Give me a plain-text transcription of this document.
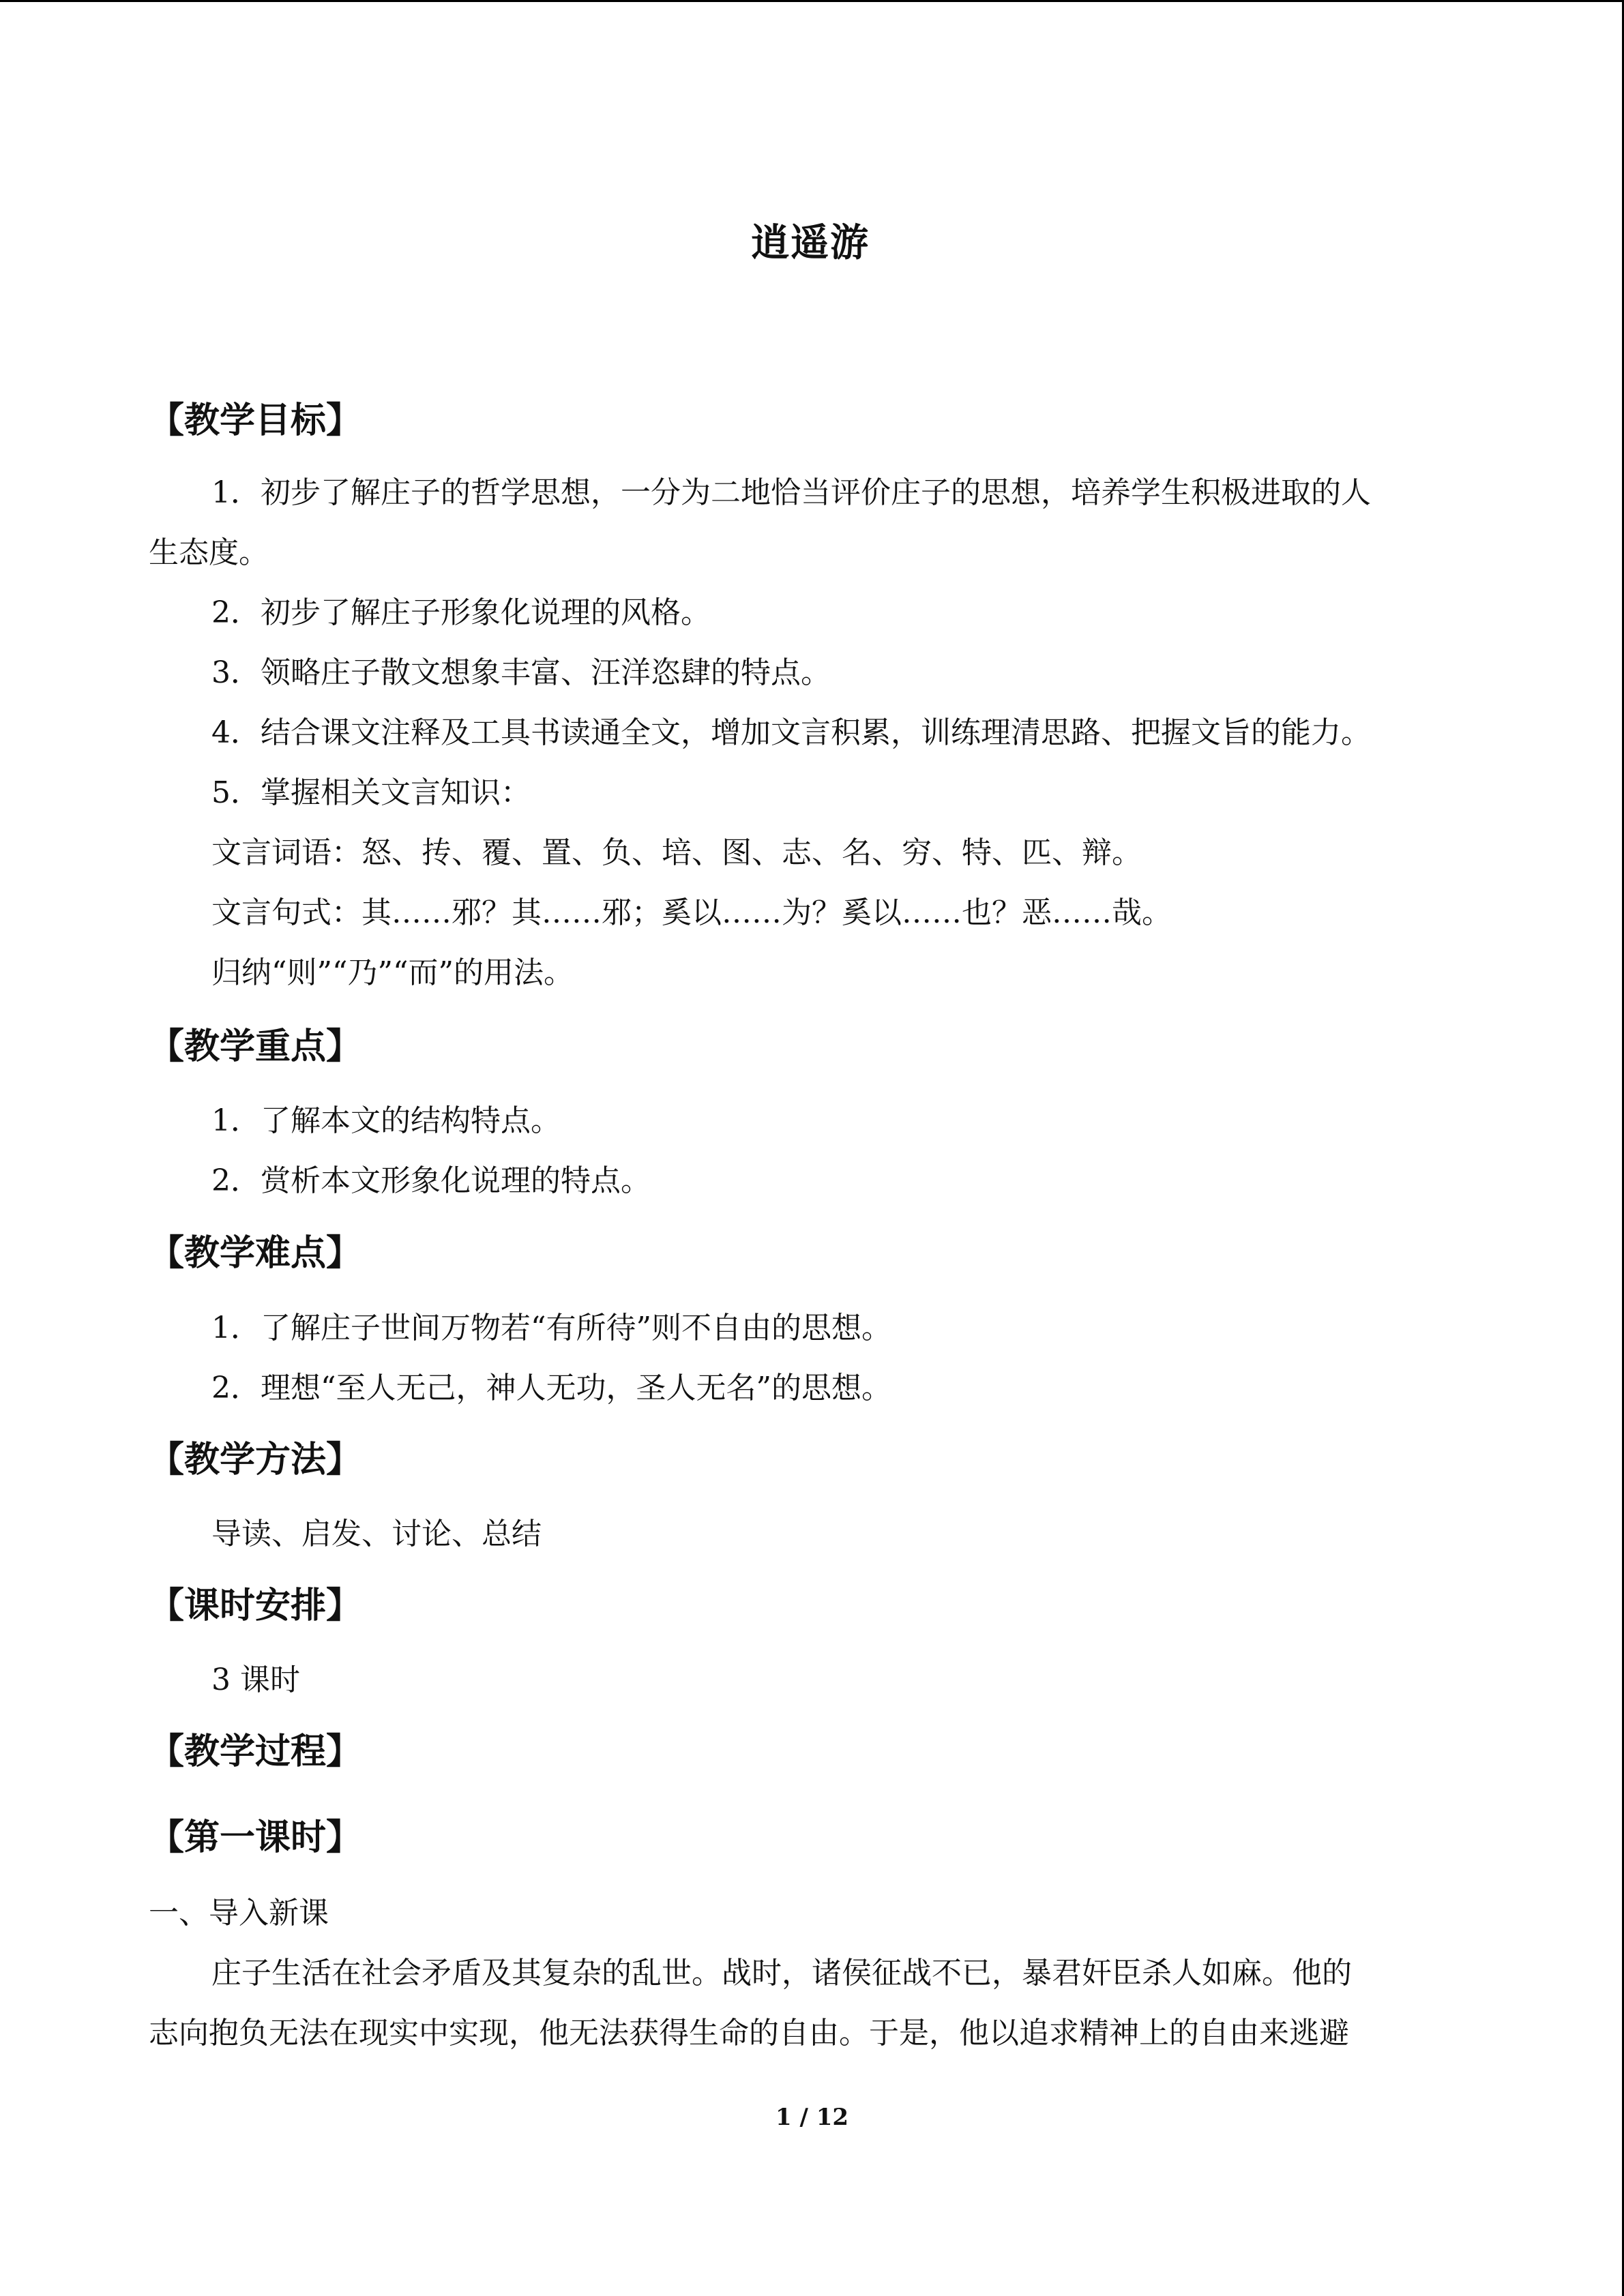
逍遥游
【教学目标】

1．初步了解庄子的哲学思想，一分为二地恰当评价庄子的思想，培养学生积极进取的人

生态度。

2．初步了解庄子形象化说理的风格。

3．领略庄子散文想象丰富、汪洋恣肆的特点。

4．结合课文注释及工具书读通全文，增加文言积累，训练理清思路、把握文旨的能力。

5．掌握相关文言知识：

文言词语：怒、抟、覆、置、负、培、图、志、名、穷、特、匹、辩。

文言句式：其……邪？其……邪；奚以……为？奚以……也？恶……哉。

归纳“则”“乃”“而”的用法。

【教学重点】

1．了解本文的结构特点。

2．赏析本文形象化说理的特点。

【教学难点】

1．了解庄子世间万物若“有所待”则不自由的思想。

2．理想“至人无己，神人无功，圣人无名”的思想。

【教学方法】

导读、启发、讨论、总结

【课时安排】

3 课时

【教学过程】
【第一课时】

一、导入新课

庄子生活在社会矛盾及其复杂的乱世。战时，诸侯征战不已，暴君奸臣杀人如麻。他的

志向抱负无法在现实中实现，他无法获得生命的自由。于是，他以追求精神上的自由来逃避

1 / 12
